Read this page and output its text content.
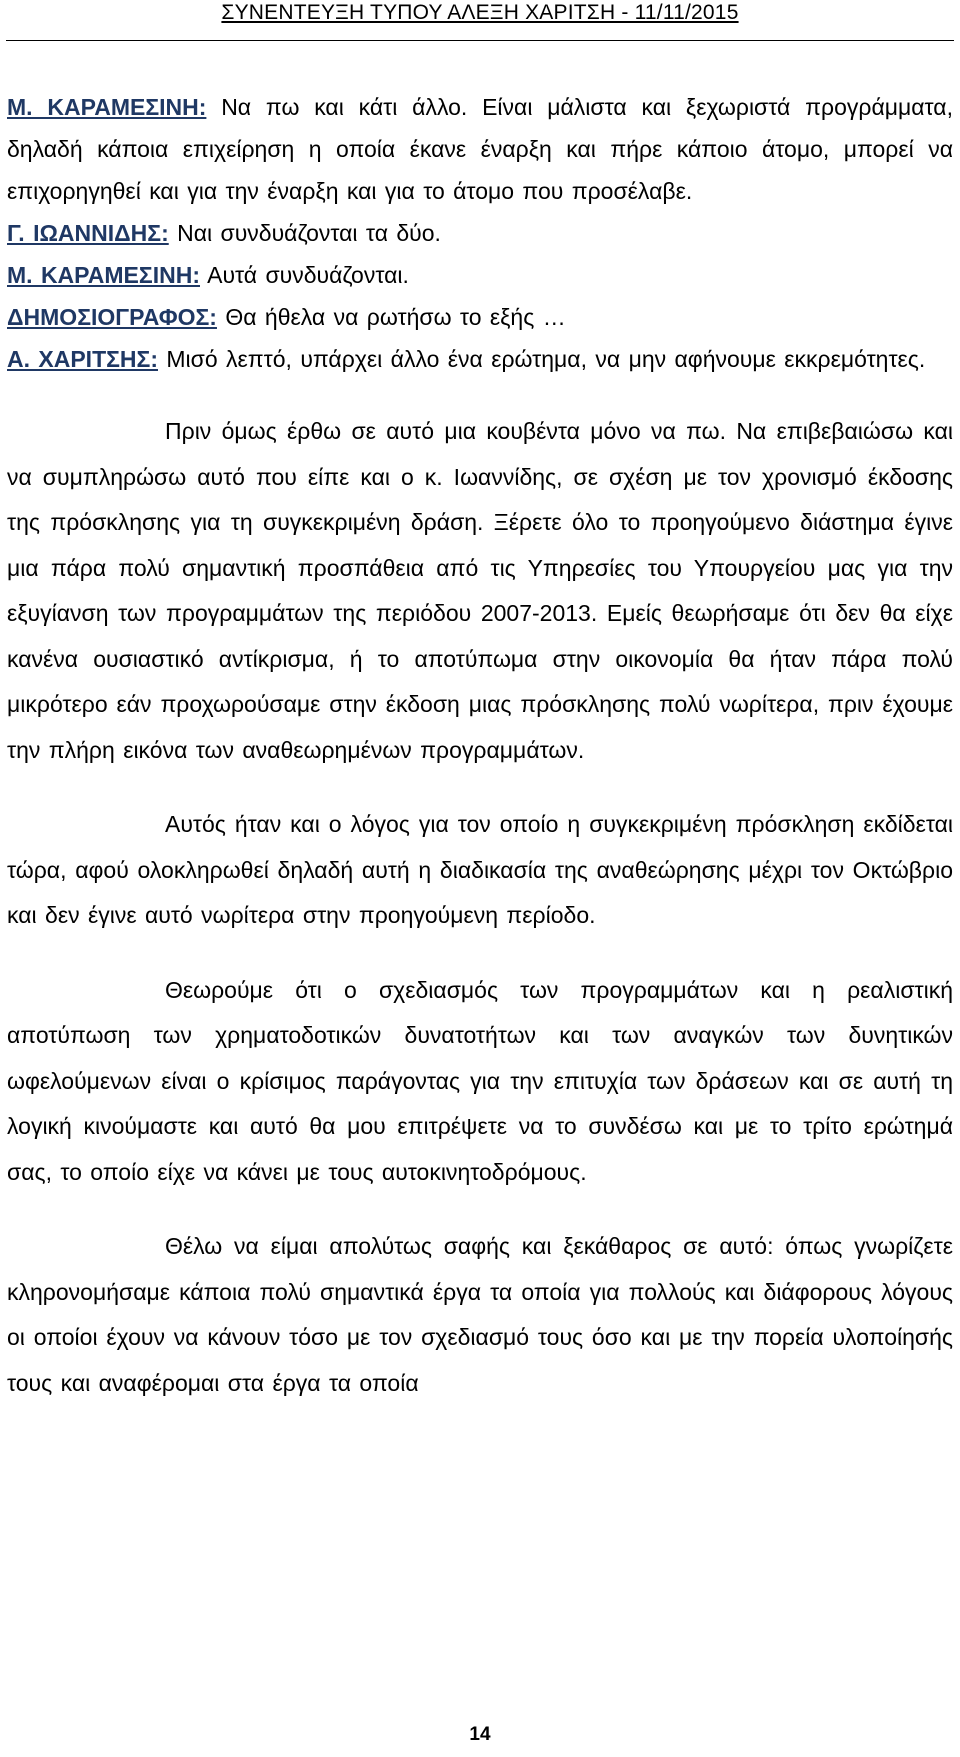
ΣΥΝΕΝΤΕΥΞΗ ΤΥΠΟΥ ΑΛΕΞΗ ΧΑΡΙΤΣΗ - 11/11/2015

Μ. ΚΑΡΑΜΕΣΙΝΗ: Να πω και κάτι άλλο. Είναι μάλιστα και ξεχωριστά προγράμματα, δηλαδή κάποια επιχείρηση η οποία έκανε έναρξη και πήρε κάποιο άτομο, μπορεί να επιχορηγηθεί και για την έναρξη και για το άτομο που προσέλαβε.

Γ. ΙΩΑΝΝΙΔΗΣ: Ναι συνδυάζονται τα δύο.

Μ. ΚΑΡΑΜΕΣΙΝΗ: Αυτά συνδυάζονται.

ΔΗΜΟΣΙΟΓΡΑΦΟΣ: Θα ήθελα να ρωτήσω το εξής …

Α. ΧΑΡΙΤΣΗΣ: Μισό λεπτό, υπάρχει άλλο ένα ερώτημα, να μην αφήνουμε εκκρεμότητες.

Πριν όμως έρθω σε αυτό μια κουβέντα μόνο να πω. Να επιβεβαιώσω και να συμπληρώσω αυτό που είπε και ο κ. Ιωαννίδης, σε σχέση με τον χρονισμό έκδοσης της πρόσκλησης για τη συγκεκριμένη δράση. Ξέρετε όλο το προηγούμενο διάστημα έγινε μια πάρα πολύ σημαντική προσπάθεια από τις Υπηρεσίες του Υπουργείου μας για την εξυγίανση των προγραμμάτων της περιόδου 2007-2013. Εμείς θεωρήσαμε ότι δεν θα είχε κανένα ουσιαστικό αντίκρισμα, ή το αποτύπωμα στην οικονομία θα ήταν πάρα πολύ μικρότερο εάν προχωρούσαμε στην έκδοση μιας πρόσκλησης πολύ νωρίτερα, πριν έχουμε την πλήρη εικόνα των αναθεωρημένων προγραμμάτων.

Αυτός ήταν και ο λόγος για τον οποίο η συγκεκριμένη πρόσκληση εκδίδεται τώρα, αφού ολοκληρωθεί δηλαδή αυτή η διαδικασία της αναθεώρησης μέχρι τον Οκτώβριο και δεν έγινε αυτό νωρίτερα στην προηγούμενη περίοδο.

Θεωρούμε ότι ο σχεδιασμός των προγραμμάτων και η ρεαλιστική αποτύπωση των χρηματοδοτικών δυνατοτήτων και των αναγκών των δυνητικών ωφελούμενων είναι ο κρίσιμος παράγοντας για την επιτυχία των δράσεων και σε αυτή τη λογική κινούμαστε και αυτό θα μου επιτρέψετε να το συνδέσω και με το τρίτο ερώτημά σας, το οποίο είχε να κάνει με τους αυτοκινητοδρόμους.

Θέλω να είμαι απολύτως σαφής και ξεκάθαρος σε αυτό: όπως γνωρίζετε κληρονομήσαμε κάποια πολύ σημαντικά έργα τα οποία για πολλούς και διάφορους λόγους οι οποίοι έχουν να κάνουν τόσο με τον σχεδιασμό τους όσο και με την πορεία υλοποίησής τους και αναφέρομαι στα έργα τα οποία

14
